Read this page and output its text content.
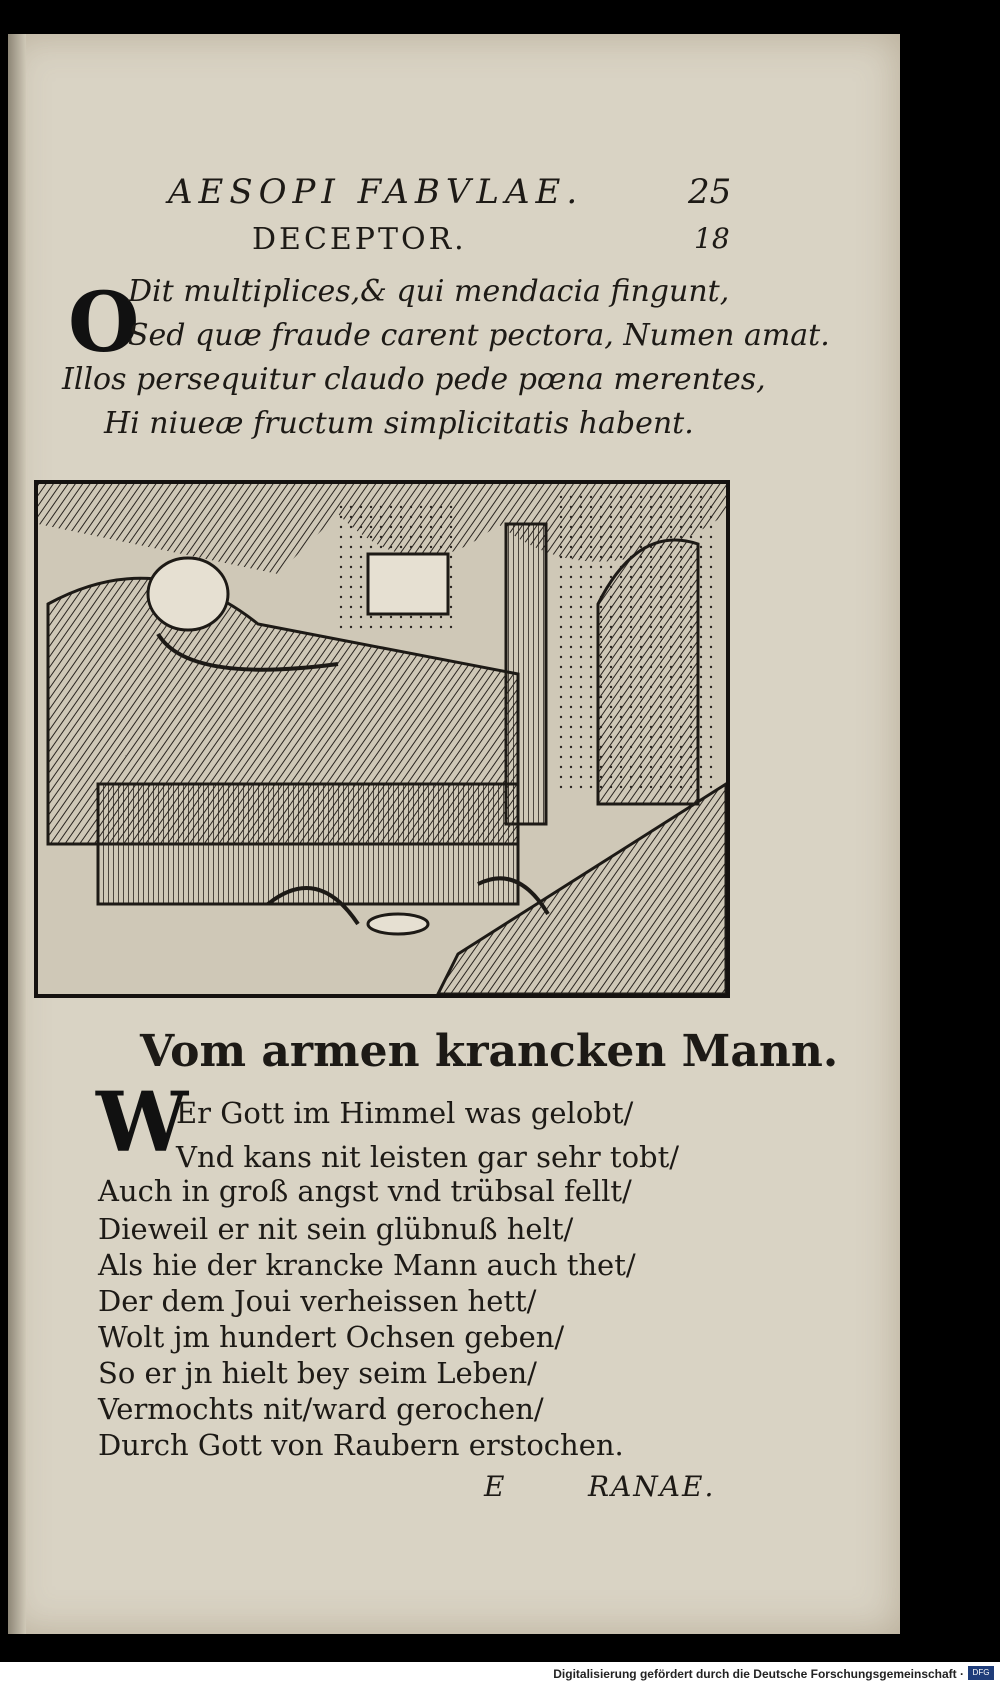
AESOPI FABVLAE.	25
DECEPTOR.	18
O
Dit multiplices,& qui mendacia fingunt,
Sed quæ fraude carent pectora, Numen amat.
Illos persequitur claudo pede pœna merentes,
Hi niueæ fructum simplicitatis habent.
Vom armen krancken Mann.
W
Er Gott im Himmel was gelobt/
Vnd kans nit leisten gar sehr tobt/
Auch in groß angst vnd trübsal fellt/
Dieweil er nit sein glübnuß helt/
Als hie der krancke Mann auch thet/
Der dem Joui verheissen hett/
Wolt jm hundert Ochsen geben/
So er jn hielt bey seim Leben/
Vermochts nit/ward gerochen/
Durch Gott von Raubern erstochen.
E	RANAE.
Digitalisierung gefördert durch die Deutsche Forschungsgemeinschaft ·	DFG
